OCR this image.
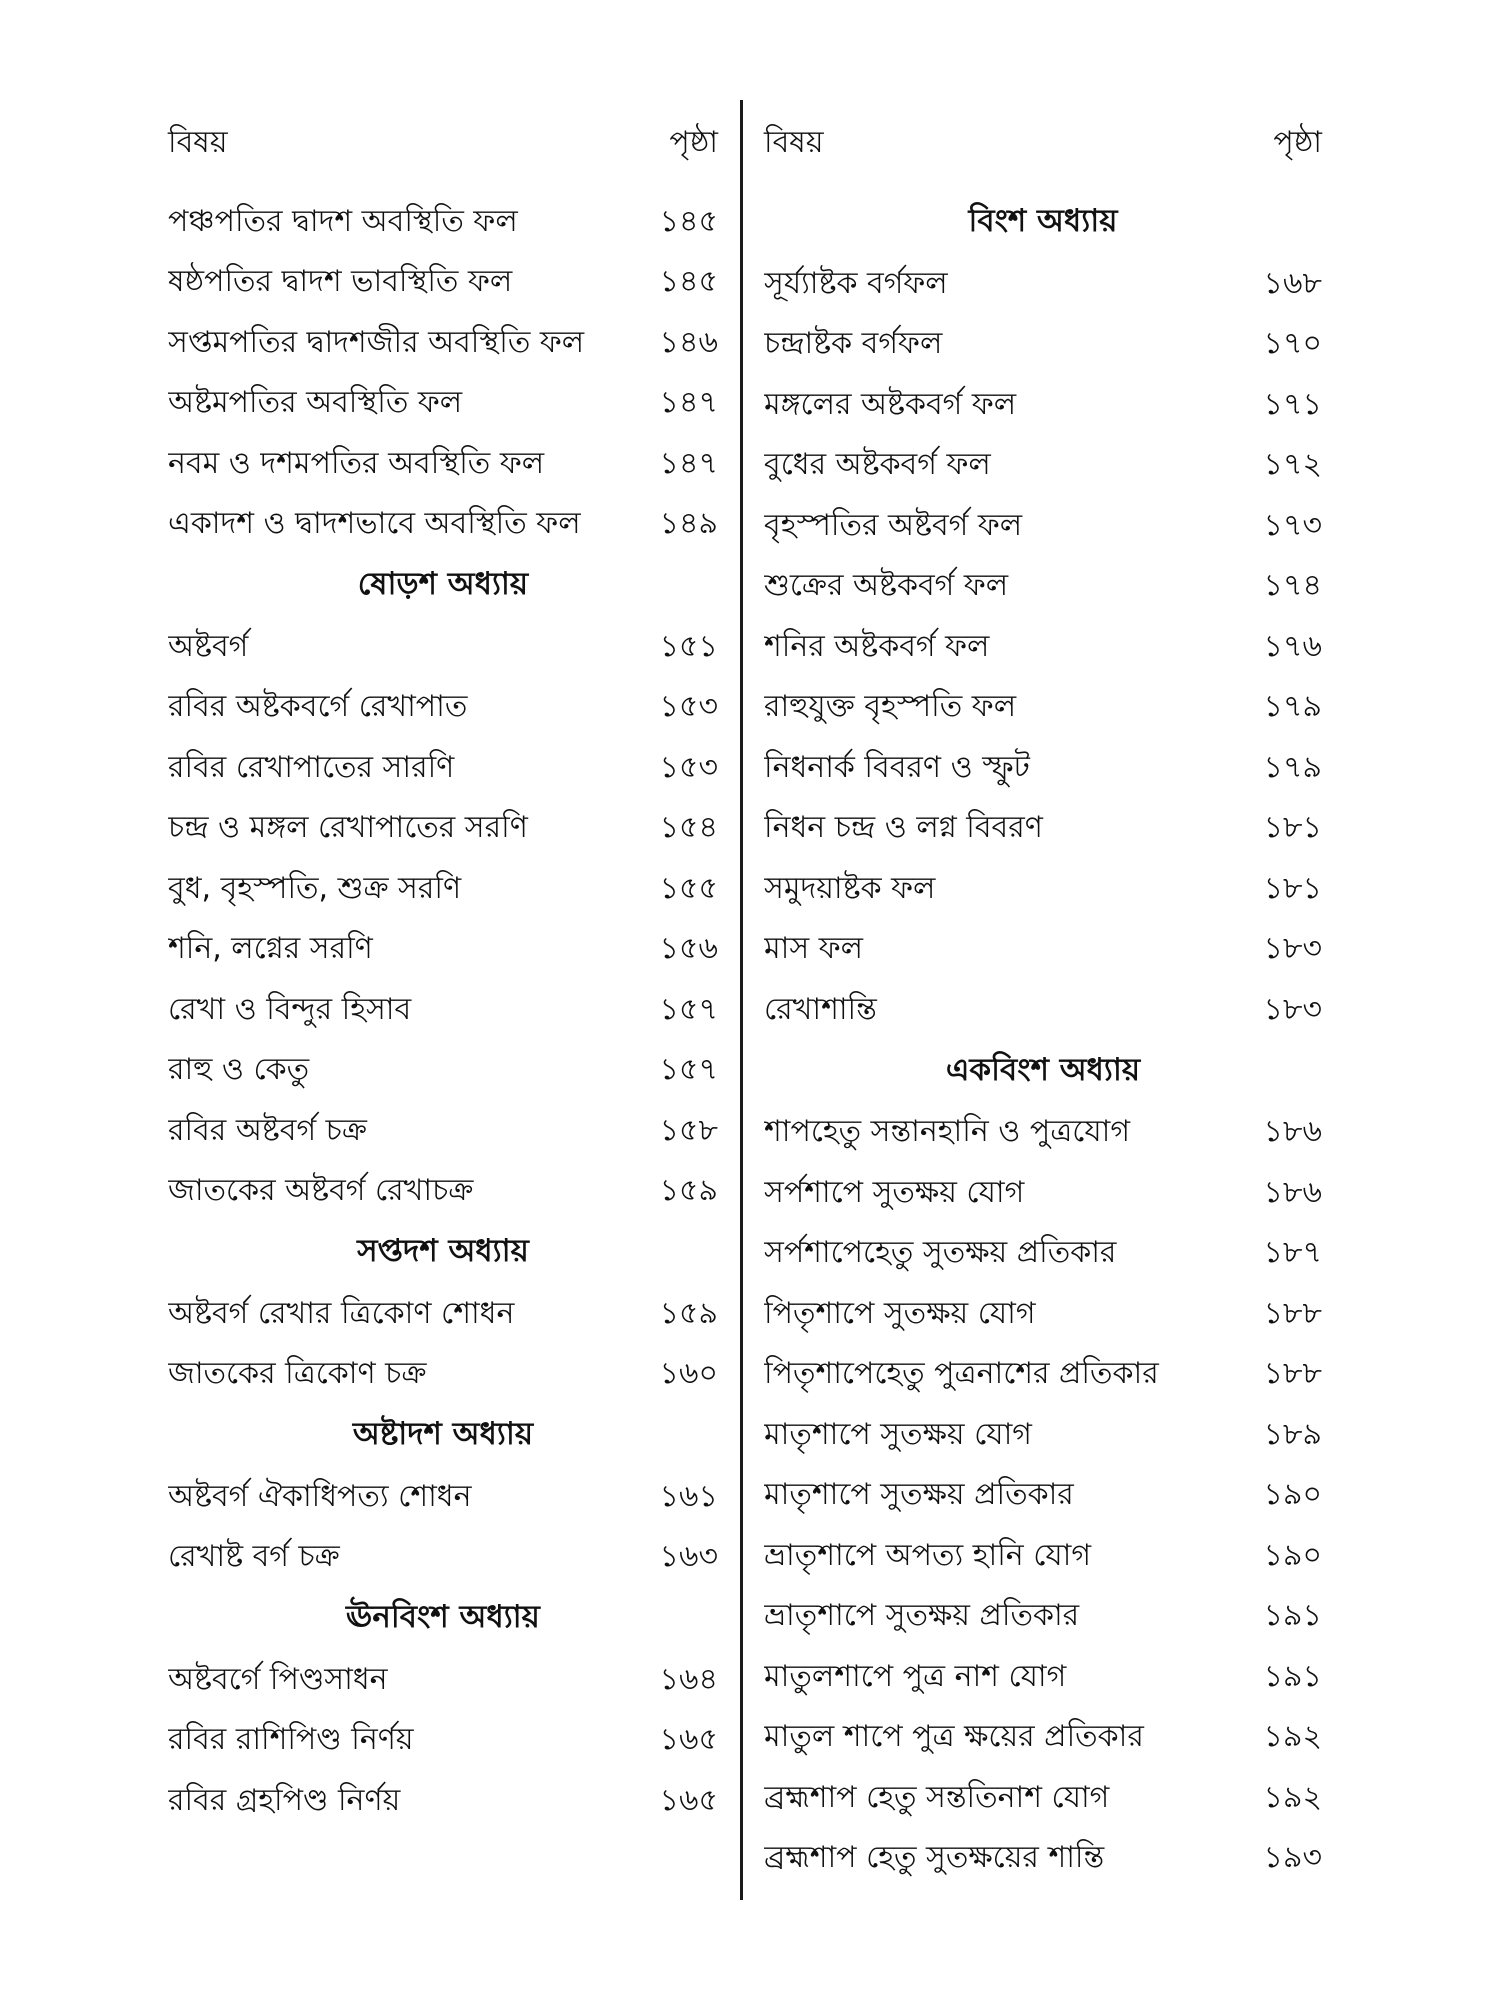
বিষয়	পৃষ্ঠা
পঞ্চপতির দ্বাদশ অবস্থিতি ফল	১৪৫
ষষ্ঠপতির দ্বাদশ ভাবস্থিতি ফল	১৪৫
সপ্তমপতির দ্বাদশজীর অবস্থিতি ফল	১৪৬
অষ্টমপতির অবস্থিতি ফল	১৪৭
নবম ও দশমপতির অবস্থিতি ফল	১৪৭
একাদশ ও দ্বাদশভাবে অবস্থিতি ফল	১৪৯
ষোড়শ অধ্যায়
অষ্টবর্গ	১৫১
রবির অষ্টকবর্গে রেখাপাত	১৫৩
রবির রেখাপাতের সারণি	১৫৩
চন্দ্র ও মঙ্গল রেখাপাতের সরণি	১৫৪
বুধ, বৃহস্পতি, শুক্র সরণি	১৫৫
শনি, লগ্নের সরণি	১৫৬
রেখা ও বিন্দুর হিসাব	১৫৭
রাহু ও কেতু	১৫৭
রবির অষ্টবর্গ চক্র	১৫৮
জাতকের অষ্টবর্গ রেখাচক্র	১৫৯
সপ্তদশ অধ্যায়
অষ্টবর্গ রেখার ত্রিকোণ শোধন	১৫৯
জাতকের ত্রিকোণ চক্র	১৬০
অষ্টাদশ অধ্যায়
অষ্টবর্গ ঐকাধিপত্য শোধন	১৬১
রেখাষ্ট বর্গ চক্র	১৬৩
ঊনবিংশ অধ্যায়
অষ্টবর্গে পিণ্ডসাধন	১৬৪
রবির রাশিপিণ্ড নির্ণয়	১৬৫
রবির গ্রহপিণ্ড নির্ণয়	১৬৫
বিষয়	পৃষ্ঠা
বিংশ অধ্যায়
সূর্য্যাষ্টক বর্গফল	১৬৮
চন্দ্রাষ্টক বর্গফল	১৭০
মঙ্গলের অষ্টকবর্গ ফল	১৭১
বুধের অষ্টকবর্গ ফল	১৭২
বৃহস্পতির অষ্টবর্গ ফল	১৭৩
শুক্রের অষ্টকবর্গ ফল	১৭৪
শনির অষ্টকবর্গ ফল	১৭৬
রাহুযুক্ত বৃহস্পতি ফল	১৭৯
নিধনার্ক বিবরণ ও স্ফুট	১৭৯
নিধন চন্দ্র ও লগ্ন বিবরণ	১৮১
সমুদয়াষ্টক ফল	১৮১
মাস ফল	১৮৩
রেখাশান্তি	১৮৩
একবিংশ অধ্যায়
শাপহেতু সন্তানহানি ও পুত্রযোগ	১৮৬
সর্পশাপে সুতক্ষয় যোগ	১৮৬
সর্পশাপেহেতু সুতক্ষয় প্রতিকার	১৮৭
পিতৃশাপে সুতক্ষয় যোগ	১৮৮
পিতৃশাপেহেতু পুত্রনাশের প্রতিকার	১৮৮
মাতৃশাপে সুতক্ষয় যোগ	১৮৯
মাতৃশাপে সুতক্ষয় প্রতিকার	১৯০
ভ্রাতৃশাপে অপত্য হানি যোগ	১৯০
ভ্রাতৃশাপে সুতক্ষয় প্রতিকার	১৯১
মাতুলশাপে পুত্র নাশ যোগ	১৯১
মাতুল শাপে পুত্র ক্ষয়ের প্রতিকার	১৯২
ব্রহ্মশাপ হেতু সন্ততিনাশ যোগ	১৯২
ব্রহ্মশাপ হেতু সুতক্ষয়ের শান্তি	১৯৩
